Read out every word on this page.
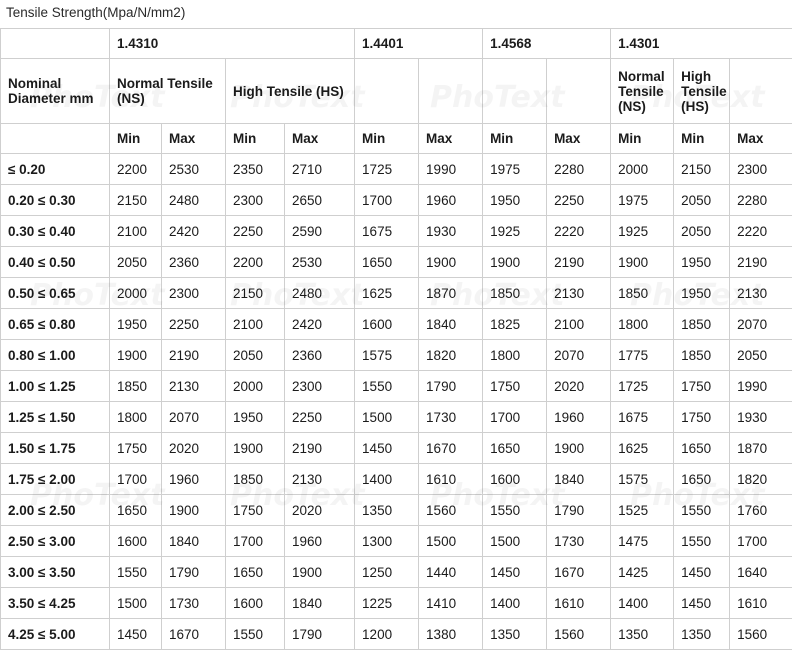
Tensile Strength(Mpa/N/mm2)
	1.4310				1.4401		1.4568		1.4301		
Nominal Diameter mm	Normal Tensile (NS)		High Tensile (HS)						Normal Tensile (NS)	High Tensile (HS)	
	Min	Max	Min	Max	Min	Max	Min	Max	Min	Min	Max
≤ 0.20	2200	2530	2350	2710	1725	1990	1975	2280	2000	2150	2300
0.20 ≤ 0.30	2150	2480	2300	2650	1700	1960	1950	2250	1975	2050	2280
0.30 ≤ 0.40	2100	2420	2250	2590	1675	1930	1925	2220	1925	2050	2220
0.40 ≤ 0.50	2050	2360	2200	2530	1650	1900	1900	2190	1900	1950	2190
0.50 ≤ 0.65	2000	2300	2150	2480	1625	1870	1850	2130	1850	1950	2130
0.65 ≤ 0.80	1950	2250	2100	2420	1600	1840	1825	2100	1800	1850	2070
0.80 ≤ 1.00	1900	2190	2050	2360	1575	1820	1800	2070	1775	1850	2050
1.00 ≤ 1.25	1850	2130	2000	2300	1550	1790	1750	2020	1725	1750	1990
1.25 ≤ 1.50	1800	2070	1950	2250	1500	1730	1700	1960	1675	1750	1930
1.50 ≤ 1.75	1750	2020	1900	2190	1450	1670	1650	1900	1625	1650	1870
1.75 ≤ 2.00	1700	1960	1850	2130	1400	1610	1600	1840	1575	1650	1820
2.00 ≤ 2.50	1650	1900	1750	2020	1350	1560	1550	1790	1525	1550	1760
2.50 ≤ 3.00	1600	1840	1700	1960	1300	1500	1500	1730	1475	1550	1700
3.00 ≤ 3.50	1550	1790	1650	1900	1250	1440	1450	1670	1425	1450	1640
3.50 ≤ 4.25	1500	1730	1600	1840	1225	1410	1400	1610	1400	1450	1610
4.25 ≤ 5.00	1450	1670	1550	1790	1200	1380	1350	1560	1350	1350	1560
